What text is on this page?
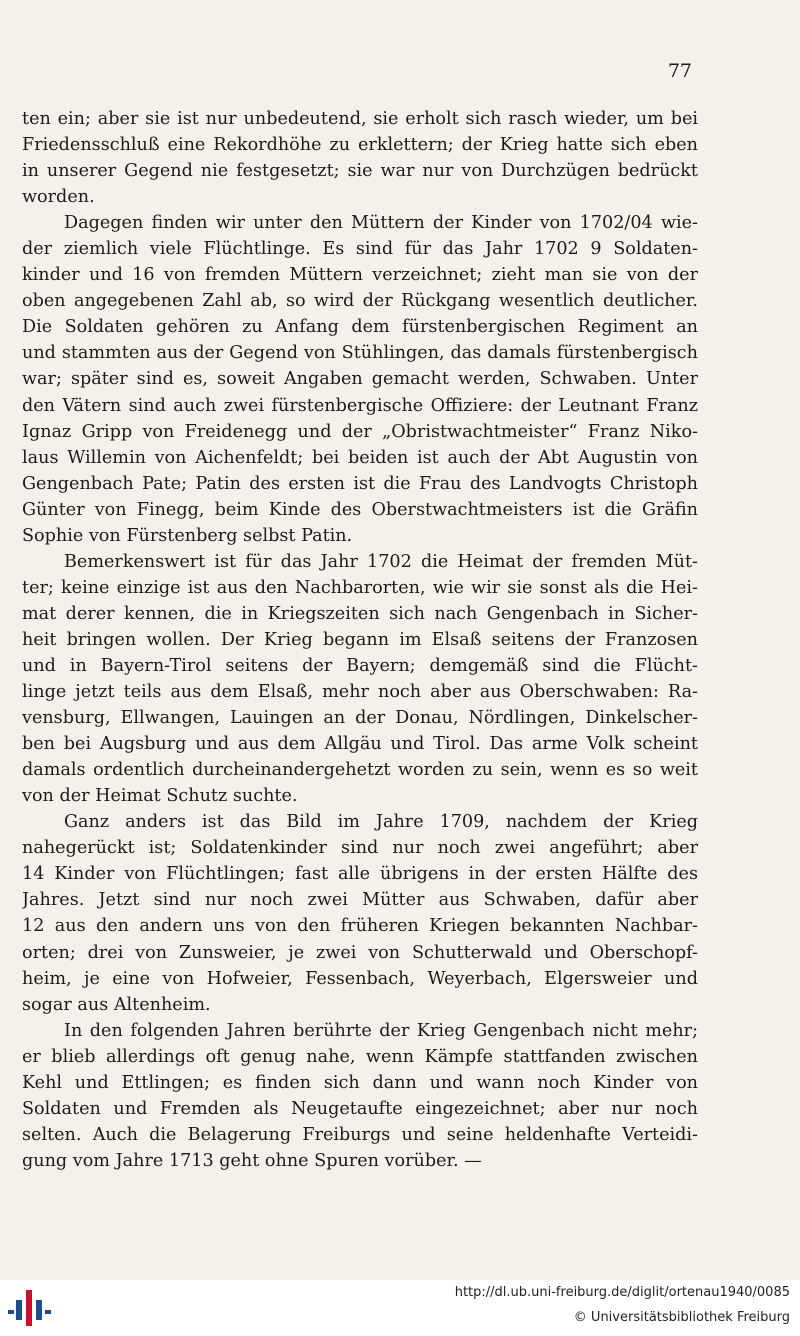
77
ten ein; aber sie ist nur unbedeutend, sie erholt sich rasch wieder, um bei
Friedensschluß eine Rekordhöhe zu erklettern; der Krieg hatte sich eben
in unserer Gegend nie festgesetzt; sie war nur von Durchzügen bedrückt
worden.
Dagegen finden wir unter den Müttern der Kinder von 1702/04 wie-
der ziemlich viele Flüchtlinge. Es sind für das Jahr 1702 9 Soldaten-
kinder und 16 von fremden Müttern verzeichnet; zieht man sie von der
oben angegebenen Zahl ab, so wird der Rückgang wesentlich deutlicher.
Die Soldaten gehören zu Anfang dem fürstenbergischen Regiment an
und stammten aus der Gegend von Stühlingen, das damals fürstenbergisch
war; später sind es, soweit Angaben gemacht werden, Schwaben. Unter
den Vätern sind auch zwei fürstenbergische Offiziere: der Leutnant Franz
Ignaz Gripp von Freidenegg und der „Obristwachtmeister“ Franz Niko-
laus Willemin von Aichenfeldt; bei beiden ist auch der Abt Augustin von
Gengenbach Pate; Patin des ersten ist die Frau des Landvogts Christoph
Günter von Finegg, beim Kinde des Oberstwachtmeisters ist die Gräfin
Sophie von Fürstenberg selbst Patin.
Bemerkenswert ist für das Jahr 1702 die Heimat der fremden Müt-
ter; keine einzige ist aus den Nachbarorten, wie wir sie sonst als die Hei-
mat derer kennen, die in Kriegszeiten sich nach Gengenbach in Sicher-
heit bringen wollen. Der Krieg begann im Elsaß seitens der Franzosen
und in Bayern-Tirol seitens der Bayern; demgemäß sind die Flücht-
linge jetzt teils aus dem Elsaß, mehr noch aber aus Oberschwaben: Ra-
vensburg, Ellwangen, Lauingen an der Donau, Nördlingen, Dinkelscher-
ben bei Augsburg und aus dem Allgäu und Tirol. Das arme Volk scheint
damals ordentlich durcheinandergehetzt worden zu sein, wenn es so weit
von der Heimat Schutz suchte.
Ganz anders ist das Bild im Jahre 1709, nachdem der Krieg
nahegerückt ist; Soldatenkinder sind nur noch zwei angeführt; aber
14 Kinder von Flüchtlingen; fast alle übrigens in der ersten Hälfte des
Jahres. Jetzt sind nur noch zwei Mütter aus Schwaben, dafür aber
12 aus den andern uns von den früheren Kriegen bekannten Nachbar-
orten; drei von Zunsweier, je zwei von Schutterwald und Oberschopf-
heim, je eine von Hofweier, Fessenbach, Weyerbach, Elgersweier und
sogar aus Altenheim.
In den folgenden Jahren berührte der Krieg Gengenbach nicht mehr;
er blieb allerdings oft genug nahe, wenn Kämpfe stattfanden zwischen
Kehl und Ettlingen; es finden sich dann und wann noch Kinder von
Soldaten und Fremden als Neugetaufte eingezeichnet; aber nur noch
selten. Auch die Belagerung Freiburgs und seine heldenhafte Verteidi-
gung vom Jahre 1713 geht ohne Spuren vorüber. —
http://dl.ub.uni-freiburg.de/diglit/ortenau1940/0085
© Universitätsbibliothek Freiburg
